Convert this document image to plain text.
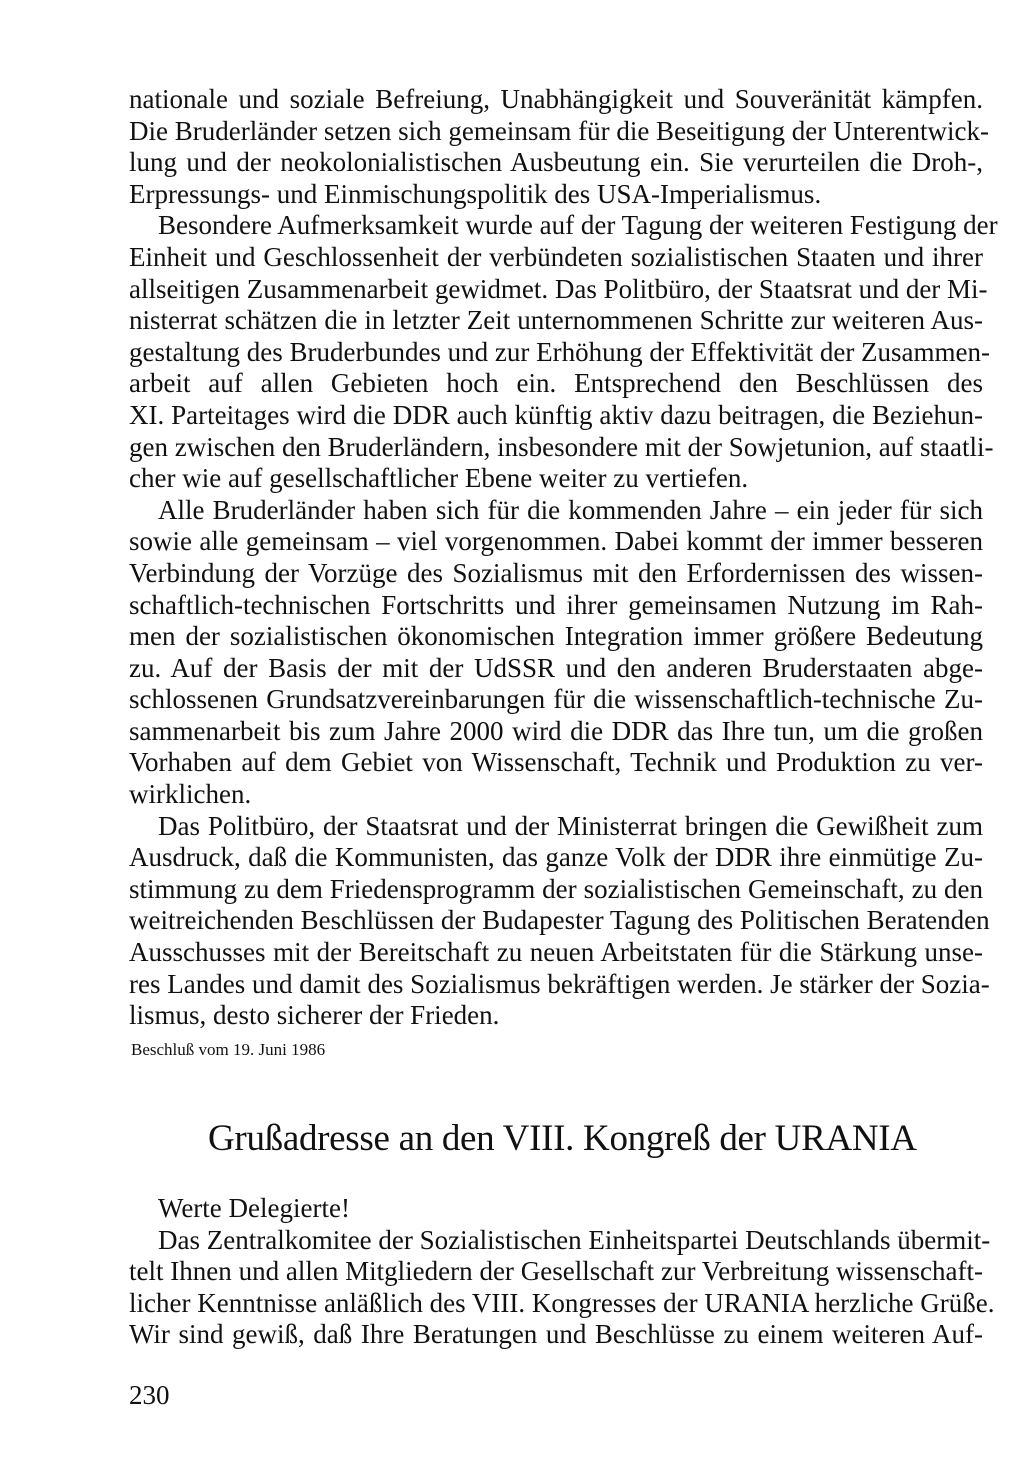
nationale und soziale Befreiung, Unabhängigkeit und Souveränität kämpfen.
Die Bruderländer setzen sich gemeinsam für die Beseitigung der Unterentwick-
lung und der neokolonialistischen Ausbeutung ein. Sie verurteilen die Droh-,
Erpressungs- und Einmischungspolitik des USA-Imperialismus.
Besondere Aufmerksamkeit wurde auf der Tagung der weiteren Festigung der
Einheit und Geschlossenheit der verbündeten sozialistischen Staaten und ihrer
allseitigen Zusammenarbeit gewidmet. Das Politbüro, der Staatsrat und der Mi-
nisterrat schätzen die in letzter Zeit unternommenen Schritte zur weiteren Aus-
gestaltung des Bruderbundes und zur Erhöhung der Effektivität der Zusammen-
arbeit auf allen Gebieten hoch ein. Entsprechend den Beschlüssen des
XI. Parteitages wird die DDR auch künftig aktiv dazu beitragen, die Beziehun-
gen zwischen den Bruderländern, insbesondere mit der Sowjetunion, auf staatli-
cher wie auf gesellschaftlicher Ebene weiter zu vertiefen.
Alle Bruderländer haben sich für die kommenden Jahre – ein jeder für sich
sowie alle gemeinsam – viel vorgenommen. Dabei kommt der immer besseren
Verbindung der Vorzüge des Sozialismus mit den Erfordernissen des wissen-
schaftlich-technischen Fortschritts und ihrer gemeinsamen Nutzung im Rah-
men der sozialistischen ökonomischen Integration immer größere Bedeutung
zu. Auf der Basis der mit der UdSSR und den anderen Bruderstaaten abge-
schlossenen Grundsatzvereinbarungen für die wissenschaftlich-technische Zu-
sammenarbeit bis zum Jahre 2000 wird die DDR das Ihre tun, um die großen
Vorhaben auf dem Gebiet von Wissenschaft, Technik und Produktion zu ver-
wirklichen.
Das Politbüro, der Staatsrat und der Ministerrat bringen die Gewißheit zum
Ausdruck, daß die Kommunisten, das ganze Volk der DDR ihre einmütige Zu-
stimmung zu dem Friedensprogramm der sozialistischen Gemeinschaft, zu den
weitreichenden Beschlüssen der Budapester Tagung des Politischen Beratenden
Ausschusses mit der Bereitschaft zu neuen Arbeitstaten für die Stärkung unse-
res Landes und damit des Sozialismus bekräftigen werden. Je stärker der Sozia-
lismus, desto sicherer der Frieden.
Beschluß vom 19. Juni 1986
Grußadresse an den VIII. Kongreß der URANIA
Werte Delegierte!
Das Zentralkomitee der Sozialistischen Einheitspartei Deutschlands übermit-
telt Ihnen und allen Mitgliedern der Gesellschaft zur Verbreitung wissenschaft-
licher Kenntnisse anläßlich des VIII. Kongresses der URANIA herzliche Grüße.
Wir sind gewiß, daß Ihre Beratungen und Beschlüsse zu einem weiteren Auf-
230
